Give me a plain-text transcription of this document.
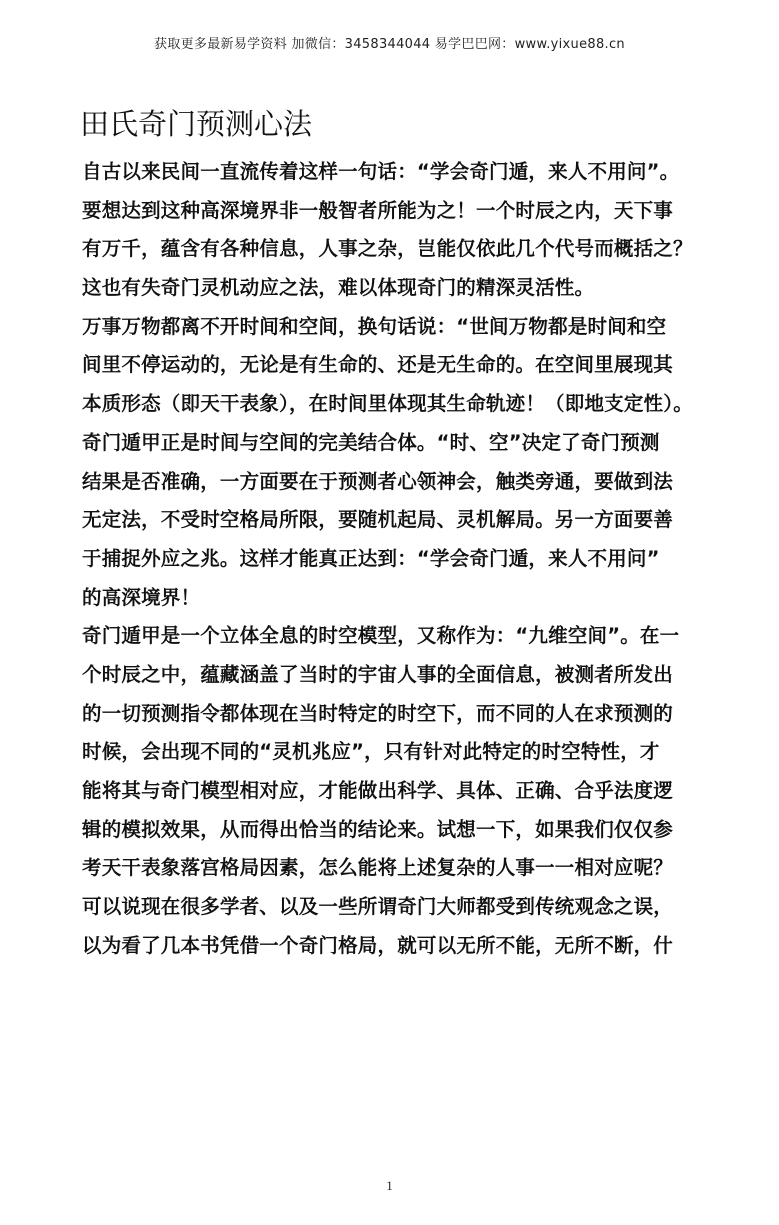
获取更多最新易学资料 加微信：3458344044 易学巴巴网：www.yixue88.cn
田氏奇门预测心法
自古以来民间一直流传着这样一句话：“学会奇门遁，来人不用问”。
要想达到这种高深境界非一般智者所能为之！一个时辰之内，天下事
有万千，蕴含有各种信息，人事之杂，岂能仅依此几个代号而概括之？
这也有失奇门灵机动应之法，难以体现奇门的精深灵活性。
万事万物都离不开时间和空间，换句话说：“世间万物都是时间和空
间里不停运动的，无论是有生命的、还是无生命的。在空间里展现其
本质形态（即天干表象），在时间里体现其生命轨迹！（即地支定性）。
奇门遁甲正是时间与空间的完美结合体。“时、空”决定了奇门预测
结果是否准确，一方面要在于预测者心领神会，触类旁通，要做到法
无定法，不受时空格局所限，要随机起局、灵机解局。另一方面要善
于捕捉外应之兆。这样才能真正达到：“学会奇门遁，来人不用问”
的高深境界！
奇门遁甲是一个立体全息的时空模型，又称作为：“九维空间”。在一
个时辰之中，蕴藏涵盖了当时的宇宙人事的全面信息，被测者所发出
的一切预测指令都体现在当时特定的时空下，而不同的人在求预测的
时候，会出现不同的“灵机兆应”，只有针对此特定的时空特性，才
能将其与奇门模型相对应，才能做出科学、具体、正确、合乎法度逻
辑的模拟效果，从而得出恰当的结论来。试想一下，如果我们仅仅参
考天干表象落宫格局因素，怎么能将上述复杂的人事一一相对应呢？
可以说现在很多学者、以及一些所谓奇门大师都受到传统观念之误，
以为看了几本书凭借一个奇门格局，就可以无所不能，无所不断，什
1
